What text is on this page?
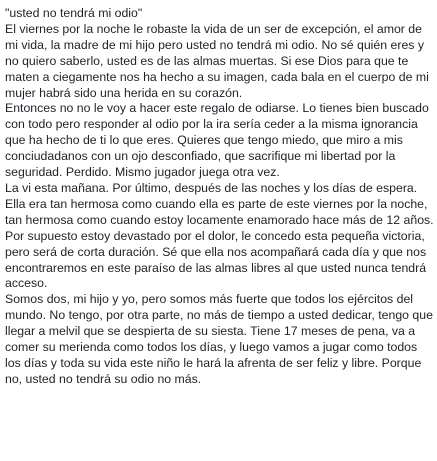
"usted no tendrá mi odio"

El viernes por la noche le robaste la vida de un ser de excepción, el amor de mi vida, la madre de mi hijo pero usted no tendrá mi odio. No sé quién eres y no quiero saberlo, usted es de las almas muertas. Si ese Dios para que te maten a ciegamente nos ha hecho a su imagen, cada bala en el cuerpo de mi mujer habrá sido una herida en su corazón.

Entonces no no le voy a hacer este regalo de odiarse. Lo tienes bien buscado con todo pero responder al odio por la ira sería ceder a la misma ignorancia que ha hecho de ti lo que eres. Quieres que tengo miedo, que miro a mis conciudadanos con un ojo desconfiado, que sacrifique mi libertad por la seguridad. Perdido. Mismo jugador juega otra vez.

La vi esta mañana. Por último, después de las noches y los días de espera. Ella era tan hermosa como cuando ella es parte de este viernes por la noche, tan hermosa como cuando estoy locamente enamorado hace más de 12 años. Por supuesto estoy devastado por el dolor, le concedo esta pequeña victoria, pero será de corta duración. Sé que ella nos acompañará cada día y que nos encontraremos en este paraíso de las almas libres al que usted nunca tendrá acceso.

Somos dos, mi hijo y yo, pero somos más fuerte que todos los ejércitos del mundo. No tengo, por otra parte, no más de tiempo a usted dedicar, tengo que llegar a melvil que se despierta de su siesta. Tiene 17 meses de pena, va a comer su merienda como todos los días, y luego vamos a jugar como todos los días y toda su vida este niño le hará la afrenta de ser feliz y libre. Porque no, usted no tendrá su odio no más.
